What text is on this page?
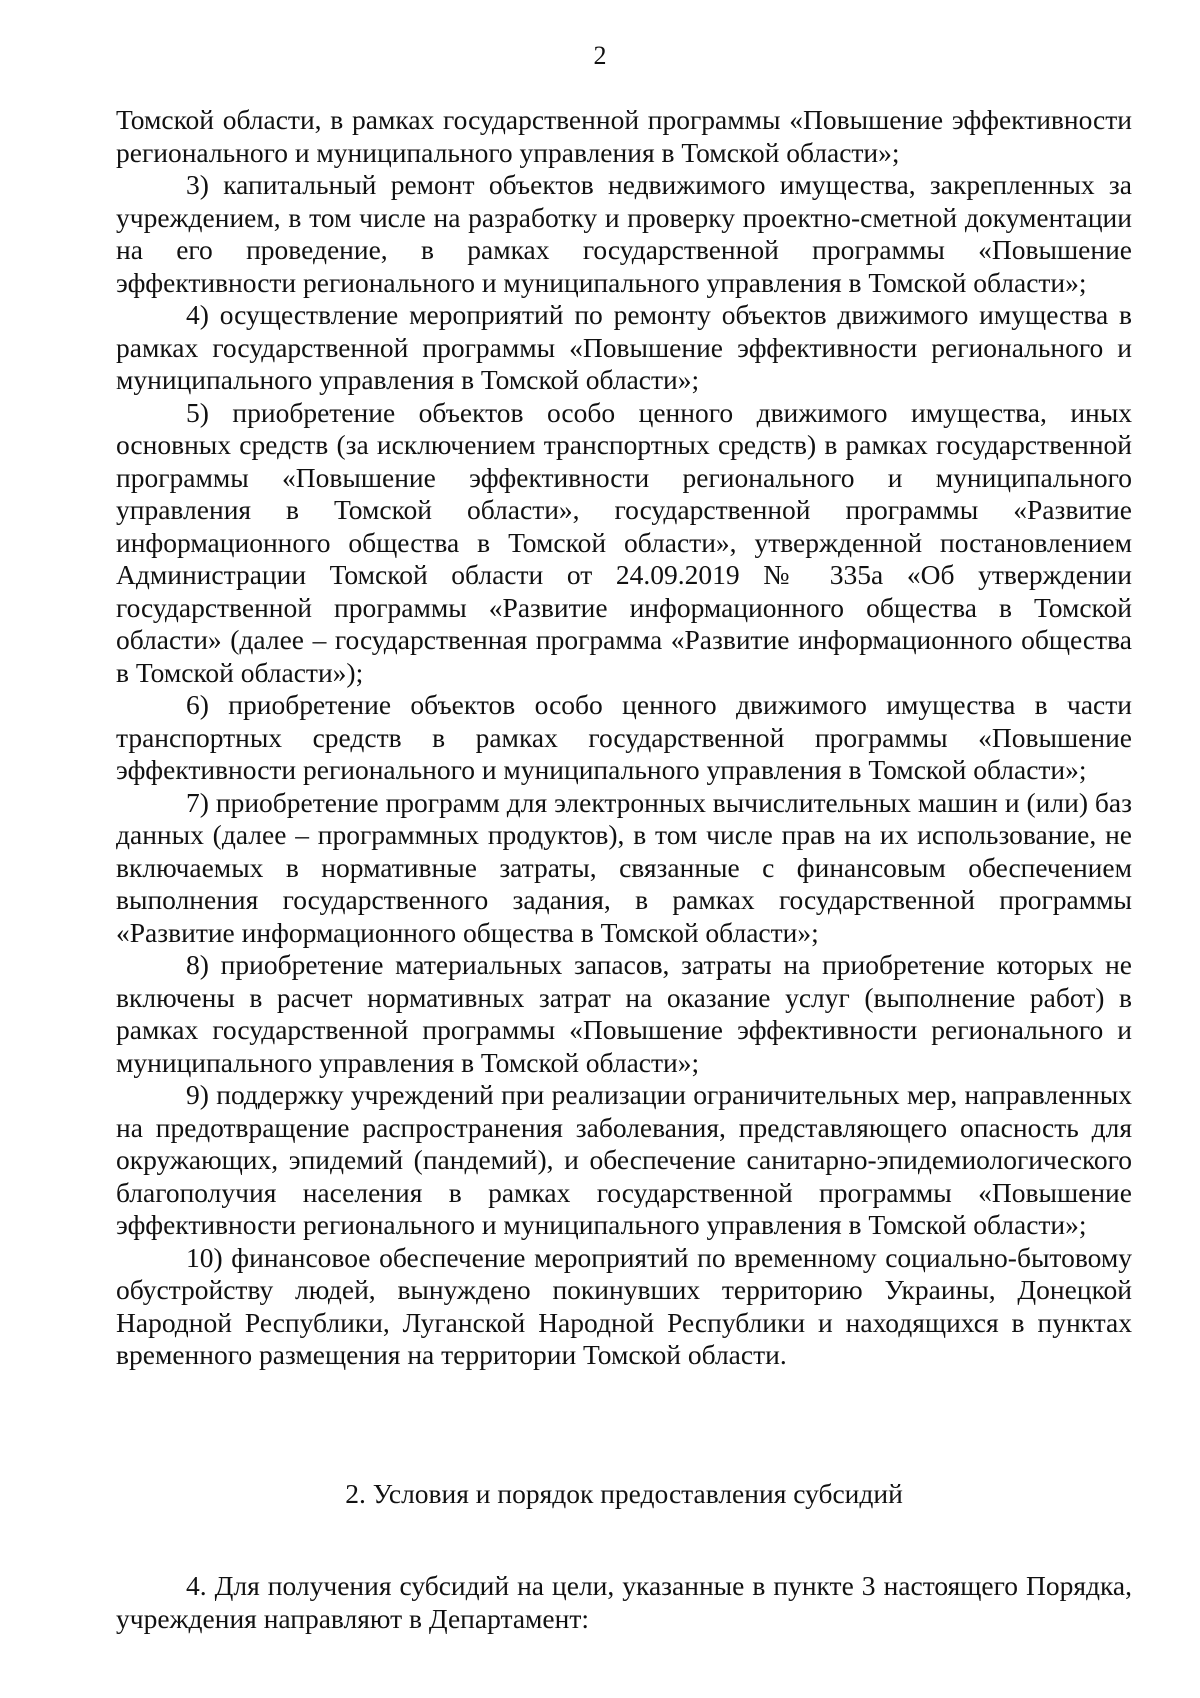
2

Томской области, в рамках государственной программы «Повышение эффективности регионального и муниципального управления в Томской области»;

3) капитальный ремонт объектов недвижимого имущества, закрепленных за учреждением, в том числе на разработку и проверку проектно-сметной документации на его проведение, в рамках государственной программы «Повышение эффективности регионального и муниципального управления в Томской области»;

4) осуществление мероприятий по ремонту объектов движимого имущества в рамках государственной программы «Повышение эффективности регионального и муниципального управления в Томской области»;

5) приобретение объектов особо ценного движимого имущества, иных основных средств (за исключением транспортных средств) в рамках государственной программы «Повышение эффективности регионального и муниципального управления в Томской области», государственной программы «Развитие информационного общества в Томской области», утвержденной постановлением Администрации Томской области от 24.09.2019 № 335а «Об утверждении государственной программы «Развитие информационного общества в Томской области» (далее – государственная программа «Развитие информационного общества в Томской области»);

6) приобретение объектов особо ценного движимого имущества в части транспортных средств в рамках государственной программы «Повышение эффективности регионального и муниципального управления в Томской области»;

7) приобретение программ для электронных вычислительных машин и (или) баз данных (далее – программных продуктов), в том числе прав на их использование, не включаемых в нормативные затраты, связанные с финансовым обеспечением выполнения государственного задания, в рамках государственной программы «Развитие информационного общества в Томской области»;

8) приобретение материальных запасов, затраты на приобретение которых не включены в расчет нормативных затрат на оказание услуг (выполнение работ) в рамках государственной программы «Повышение эффективности регионального и муниципального управления в Томской области»;

9) поддержку учреждений при реализации ограничительных мер, направленных на предотвращение распространения заболевания, представляющего опасность для окружающих, эпидемий (пандемий), и обеспечение санитарно-эпидемиологического благополучия населения в рамках государственной программы «Повышение эффективности регионального и муниципального управления в Томской области»;

10) финансовое обеспечение мероприятий по временному социально-бытовому обустройству людей, вынуждено покинувших территорию Украины, Донецкой Народной Республики, Луганской Народной Республики и находящихся в пунктах временного размещения на территории Томской области.

2. Условия и порядок предоставления субсидий

4. Для получения субсидий на цели, указанные в пункте 3 настоящего Порядка, учреждения направляют в Департамент:
